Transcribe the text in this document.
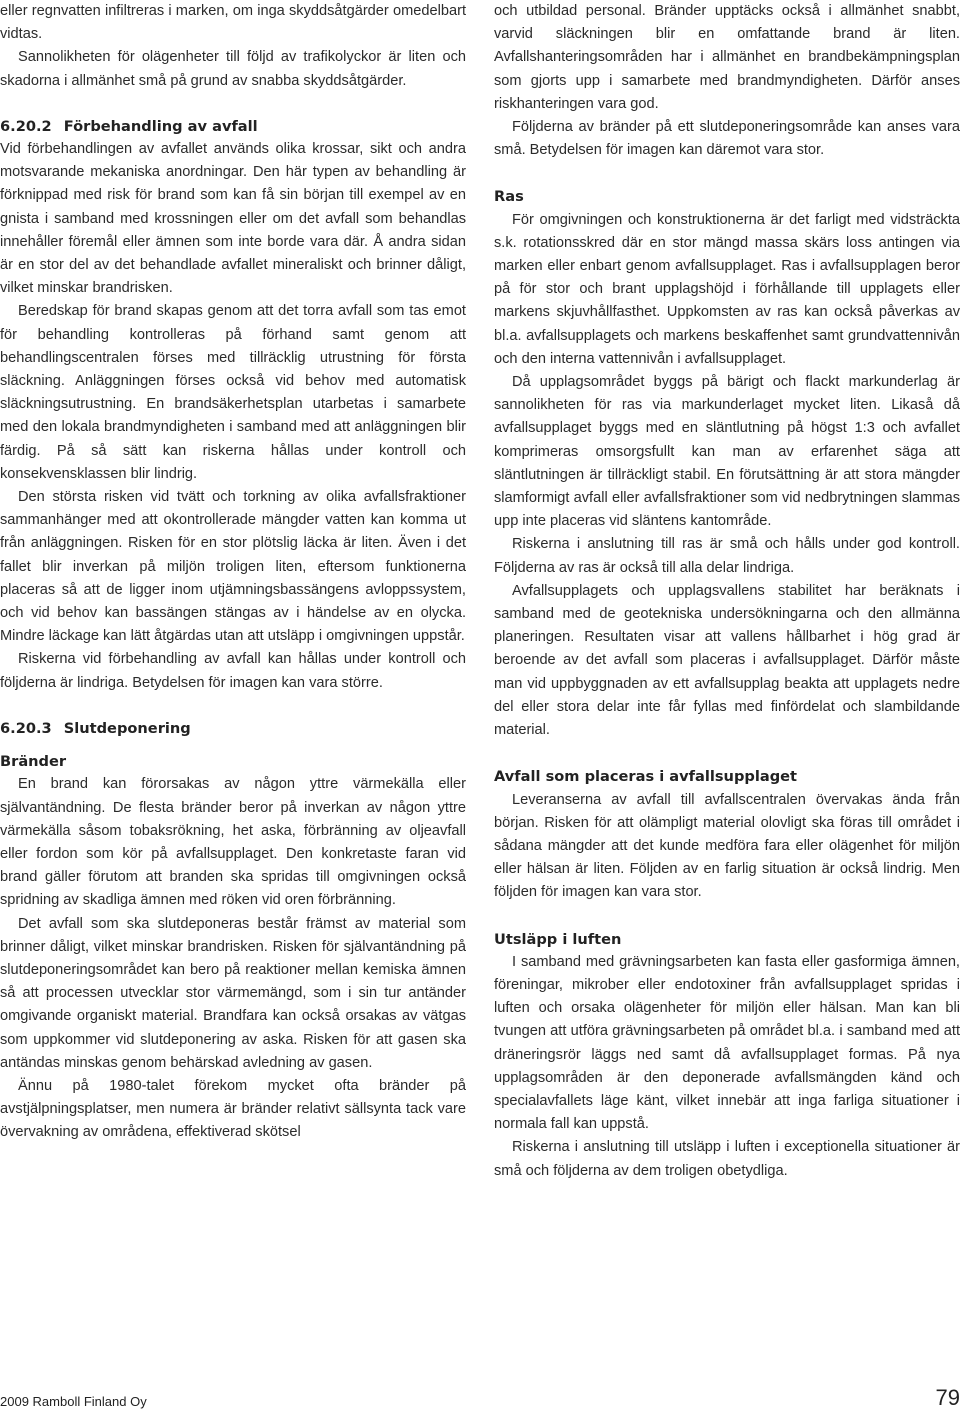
eller regnvatten infiltreras i marken, om inga skyddsåtgärder omedelbart vidtas.

Sannolikheten för olägenheter till följd av trafikolyckor är liten och skadorna i allmänhet små på grund av snabba skyddsåtgärder.

6.20.2 Förbehandling av avfall

Vid förbehandlingen av avfallet används olika krossar, sikt och andra motsvarande mekaniska anordningar. Den här typen av behandling är förknippad med risk för brand som kan få sin början till exempel av en gnista i samband med krossningen eller om det avfall som behandlas innehåller föremål eller ämnen som inte borde vara där. Å andra sidan är en stor del av det behandlade avfallet mineraliskt och brinner dåligt, vilket minskar brandrisken.

Beredskap för brand skapas genom att det torra avfall som tas emot för behandling kontrolleras på förhand samt genom att behandlingscentralen förses med tillräcklig utrustning för första släckning. Anläggningen förses också vid behov med automatisk släckningsutrustning. En brandsäkerhetsplan utarbetas i samarbete med den lokala brandmyndigheten i samband med att anläggningen blir färdig. På så sätt kan riskerna hållas under kontroll och konsekvensklassen blir lindrig.

Den största risken vid tvätt och torkning av olika avfallsfraktioner sammanhänger med att okontrollerade mängder vatten kan komma ut från anläggningen. Risken för en stor plötslig läcka är liten. Även i det fallet blir inverkan på miljön troligen liten, eftersom funktionerna placeras så att de ligger inom utjämningsbassängens avloppssystem, och vid behov kan bassängen stängas av i händelse av en olycka. Mindre läckage kan lätt åtgärdas utan att utsläpp i omgivningen uppstår.

Riskerna vid förbehandling av avfall kan hållas under kontroll och följderna är lindriga. Betydelsen för imagen kan vara större.

6.20.3 Slutdeponering
Bränder

En brand kan förorsakas av någon yttre värmekälla eller självantändning. De flesta bränder beror på inverkan av någon yttre värmekälla såsom tobaksrökning, het aska, förbränning av oljeavfall eller fordon som kör på avfallsupplaget. Den konkretaste faran vid brand gäller förutom att branden ska spridas till omgivningen också spridning av skadliga ämnen med röken vid oren förbränning.

Det avfall som ska slutdeponeras består främst av material som brinner dåligt, vilket minskar brandrisken. Risken för självantändning på slutdeponeringsområdet kan bero på reaktioner mellan kemiska ämnen så att processen utvecklar stor värmemängd, som i sin tur antänder omgivande organiskt material. Brandfara kan också orsakas av vätgas som uppkommer vid slutdeponering av aska. Risken för att gasen ska antändas minskas genom behärskad avledning av gasen.

Ännu på 1980-talet förekom mycket ofta bränder på avstjälpningsplatser, men numera är bränder relativt sällsynta tack vare övervakning av områdena, effektiverad skötsel

och utbildad personal. Bränder upptäcks också i allmänhet snabbt, varvid släckningen blir en omfattande brand är liten. Avfallshanteringsområden har i allmänhet en brandbekämpningsplan som gjorts upp i samarbete med brandmyndigheten. Därför anses riskhanteringen vara god.

Följderna av bränder på ett slutdeponeringsområde kan anses vara små. Betydelsen för imagen kan däremot vara stor.

Ras

För omgivningen och konstruktionerna är det farligt med vidsträckta s.k. rotationsskred där en stor mängd massa skärs loss antingen via marken eller enbart genom avfallsupplaget. Ras i avfallsupplagen beror på för stor och brant upplagshöjd i förhållande till upplagets eller markens skjuvhållfasthet. Uppkomsten av ras kan också påverkas av bl.a. avfallsupplagets och markens beskaffenhet samt grundvattennivån och den interna vattennivån i avfallsupplaget.

Då upplagsområdet byggs på bärigt och flackt markunderlag är sannolikheten för ras via markunderlaget mycket liten. Likaså då avfallsupplaget byggs med en släntlutning på högst 1:3 och avfallet komprimeras omsorgsfullt kan man av erfarenhet säga att släntlutningen är tillräckligt stabil. En förutsättning är att stora mängder slamformigt avfall eller avfallsfraktioner som vid nedbrytningen slammas upp inte placeras vid släntens kantområde.

Riskerna i anslutning till ras är små och hålls under god kontroll. Följderna av ras är också till alla delar lindriga.

Avfallsupplagets och upplagsvallens stabilitet har beräknats i samband med de geotekniska undersökningarna och den allmänna planeringen. Resultaten visar att vallens hållbarhet i hög grad är beroende av det avfall som placeras i avfallsupplaget. Därför måste man vid uppbyggnaden av ett avfallsupplag beakta att upplagets nedre del eller stora delar inte får fyllas med finfördelat och slambildande material.

Avfall som placeras i avfallsupplaget

Leveranserna av avfall till avfallscentralen övervakas ända från början. Risken för att olämpligt material olovligt ska föras till området i sådana mängder att det kunde medföra fara eller olägenhet för miljön eller hälsan är liten. Följden av en farlig situation är också lindrig. Men följden för imagen kan vara stor.

Utsläpp i luften

I samband med grävningsarbeten kan fasta eller gasformiga ämnen, föreningar, mikrober eller endotoxiner från avfallsupplaget spridas i luften och orsaka olägenheter för miljön eller hälsan. Man kan bli tvungen att utföra grävningsarbeten på området bl.a. i samband med att dräneringsrör läggs ned samt då avfallsupplaget formas. På nya upplagsområden är den deponerade avfallsmängden känd och specialavfallets läge känt, vilket innebär att inga farliga situationer i normala fall kan uppstå.

Riskerna i anslutning till utsläpp i luften i exceptionella situationer är små och följderna av dem troligen obetydliga.

2009 Ramboll Finland Oy	79
